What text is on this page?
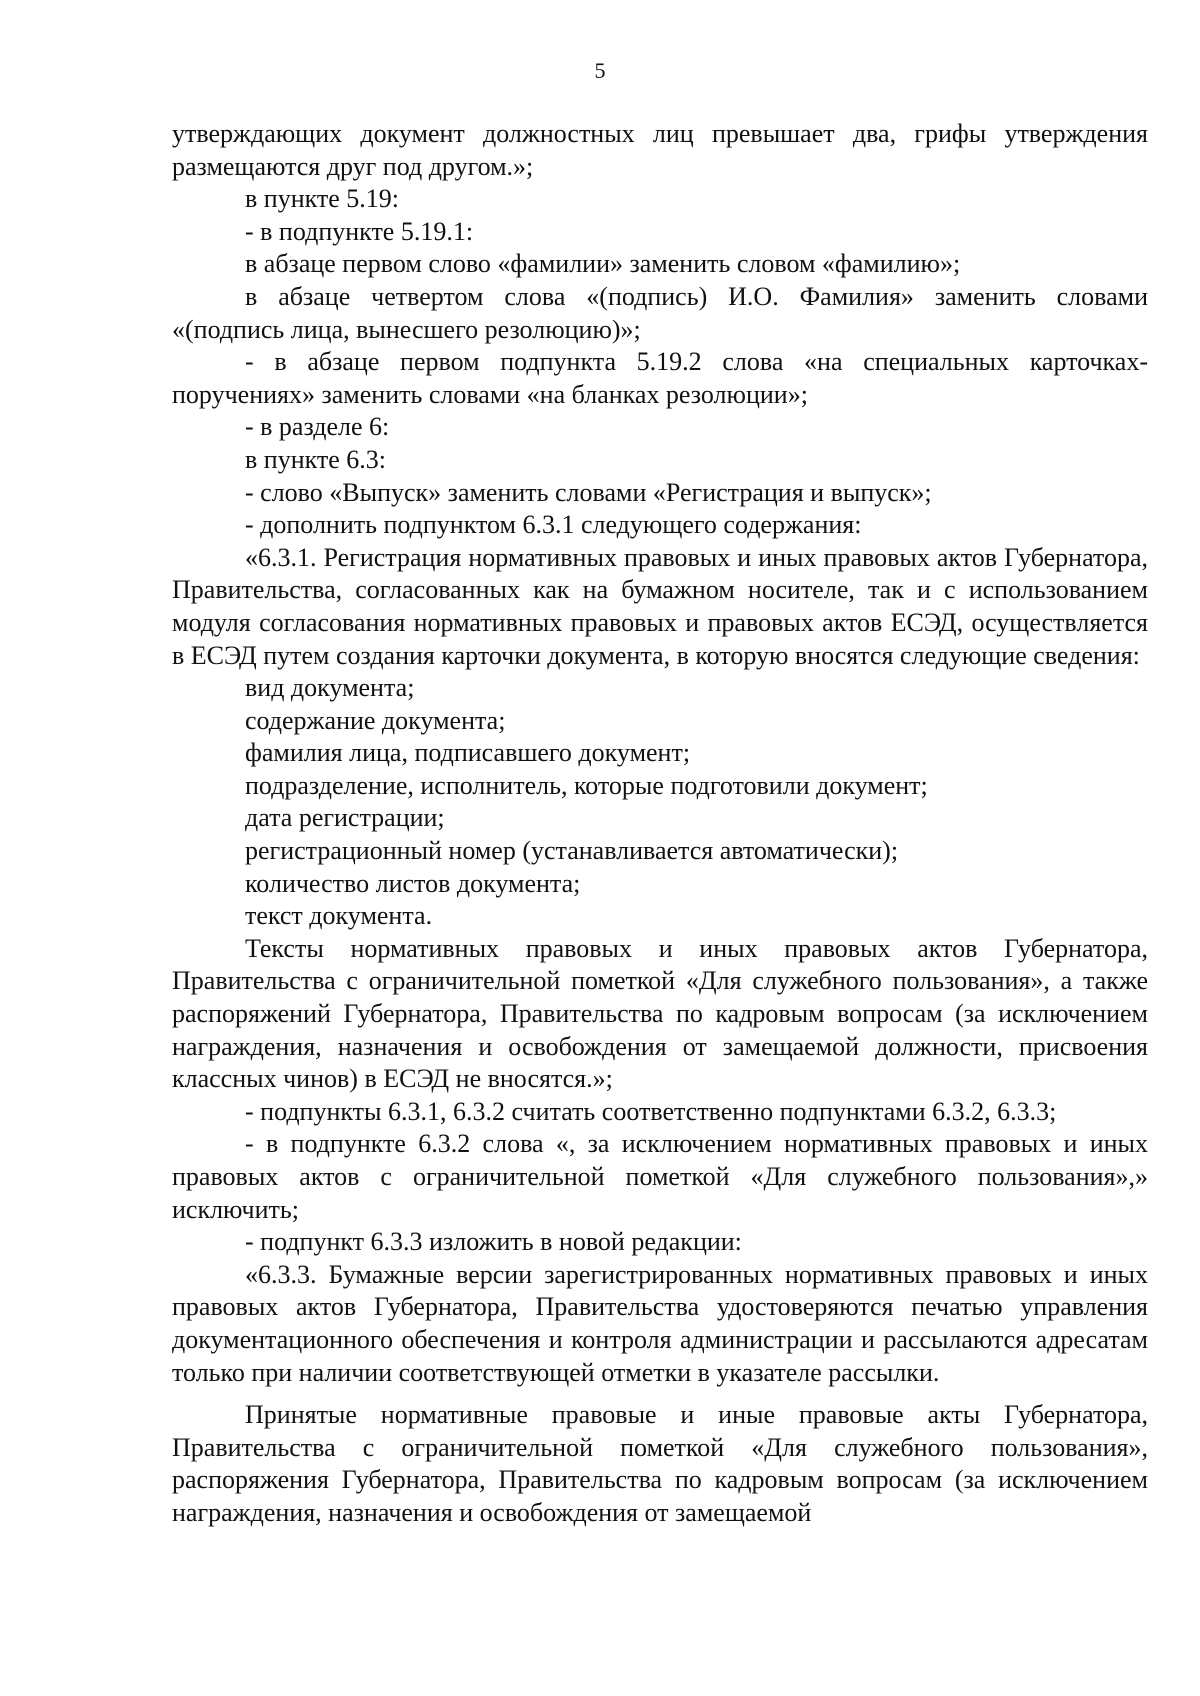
5

утверждающих документ должностных лиц превышает два, грифы утверждения размещаются друг под другом.»;

в пункте 5.19:

- в подпункте 5.19.1:

в абзаце первом слово «фамилии» заменить словом «фамилию»;

в абзаце четвертом слова «(подпись) И.О. Фамилия» заменить словами «(подпись лица, вынесшего резолюцию)»;

- в абзаце первом подпункта 5.19.2 слова «на специальных карточках-поручениях» заменить словами «на бланках резолюции»;

- в разделе 6:

в пункте 6.3:

- слово «Выпуск» заменить словами «Регистрация и выпуск»;

- дополнить подпунктом 6.3.1 следующего содержания:

«6.3.1. Регистрация нормативных правовых и иных правовых актов Губернатора, Правительства, согласованных как на бумажном носителе, так и с использованием модуля согласования нормативных правовых и правовых актов ЕСЭД, осуществляется в ЕСЭД путем создания карточки документа, в которую вносятся следующие сведения:

вид документа;

содержание документа;

фамилия лица, подписавшего документ;

подразделение, исполнитель, которые подготовили документ;

дата регистрации;

регистрационный номер (устанавливается автоматически);

количество листов документа;

текст документа.

Тексты нормативных правовых и иных правовых актов Губернатора, Правительства с ограничительной пометкой «Для служебного пользования», а также распоряжений Губернатора, Правительства по кадровым вопросам (за исключением награждения, назначения и освобождения от замещаемой должности, присвоения классных чинов) в ЕСЭД не вносятся.»;

- подпункты 6.3.1, 6.3.2 считать соответственно подпунктами 6.3.2, 6.3.3;

- в подпункте 6.3.2 слова «, за исключением нормативных правовых и иных правовых актов с ограничительной пометкой «Для служебного пользования»,» исключить;

- подпункт 6.3.3 изложить в новой редакции:

«6.3.3. Бумажные версии зарегистрированных нормативных правовых и иных правовых актов Губернатора, Правительства удостоверяются печатью управления документационного обеспечения и контроля администрации и рассылаются адресатам только при наличии соответствующей отметки в указателе рассылки.

Принятые нормативные правовые и иные правовые акты Губернатора, Правительства с ограничительной пометкой «Для служебного пользования», распоряжения Губернатора, Правительства по кадровым вопросам (за исключением награждения, назначения и освобождения от замещаемой
